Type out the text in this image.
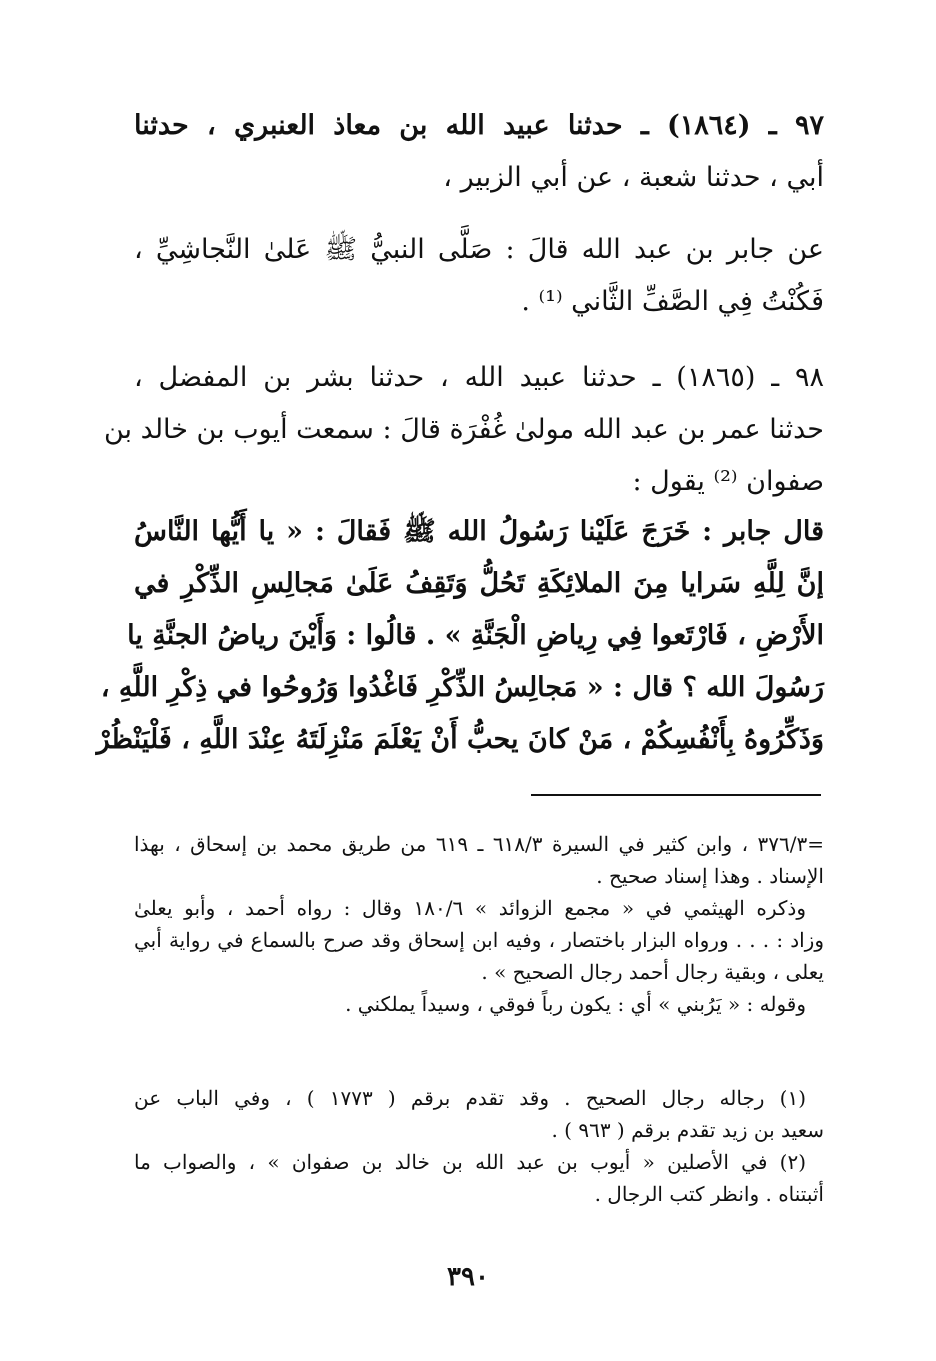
٩٧ ـ (١٨٦٤) ـ حدثنا عبيد الله بن معاذ العنبري ، حدثنا
أبي ، حدثنا شعبة ، عن أبي الزبير ،
عن جابر بن عبد الله قالَ : صَلَّى النبيُّ ﷺ عَلىٰ النَّجاشِيِّ ،
فَكُنْتُ فِي الصَّفِّ الثَّاني ⁽¹⁾ .
٩٨ ـ (١٨٦٥) ـ حدثنا عبيد الله ، حدثنا بشر بن المفضل ،
حدثنا عمر بن عبد الله مولىٰ غُفْرَة قالَ : سمعت أيوب بن خالد بن
صفوان ⁽²⁾ يقول :
قال جابر : خَرَجَ عَلَيْنا رَسُولُ الله ﷺ فَقالَ : « يا أَيُّها النَّاسُ
إنَّ لِلَّهِ سَرايا مِنَ الملائِكَةِ تَحُلُّ وَتَقِفُ عَلَىٰ مَجالِسِ الذِّكْرِ في
الأَرْضِ ، فَارْتَعوا فِي رِياضِ الْجَنَّةِ » . قالُوا : وَأَيْنَ رياضُ الجنَّةِ يا
رَسُولَ الله ؟ قال : « مَجالِسُ الذِّكْرِ فَاغْدُوا وَرُوحُوا في ذِكْرِ اللَّهِ ،
وَذَكِّرُوهُ بِأَنْفُسِكُمْ ، مَنْ كانَ يحبُّ أَنْ يَعْلَمَ مَنْزِلَتَهُ عِنْدَ اللَّهِ ، فَلْيَنْظُرْ
=٣٧٦/٣ ، وابن كثير في السيرة ٦١٨/٣ ـ ٦١٩ من طريق محمد بن إسحاق ، بهذا
الإسناد . وهذا إسناد صحيح .
وذكره الهيثمي في « مجمع الزوائد » ١٨٠/٦ وقال : رواه أحمد ، وأبو يعلىٰ
وزاد : . . . ورواه البزار باختصار ، وفيه ابن إسحاق وقد صرح بالسماع في رواية أبي
يعلى ، وبقية رجال أحمد رجال الصحيح » .
وقوله : « يَرُبني » أي : يكون رباً فوقي ، وسيداً يملكني .
(١) رجاله رجال الصحيح . وقد تقدم برقم ( ١٧٧٣ ) ، وفي الباب عن
سعيد بن زيد تقدم برقم ( ٩٦٣ ) .
(٢) في الأصلين « أيوب بن عبد الله بن خالد بن صفوان » ، والصواب ما
أثبتناه . وانظر كتب الرجال .
٣٩٠
